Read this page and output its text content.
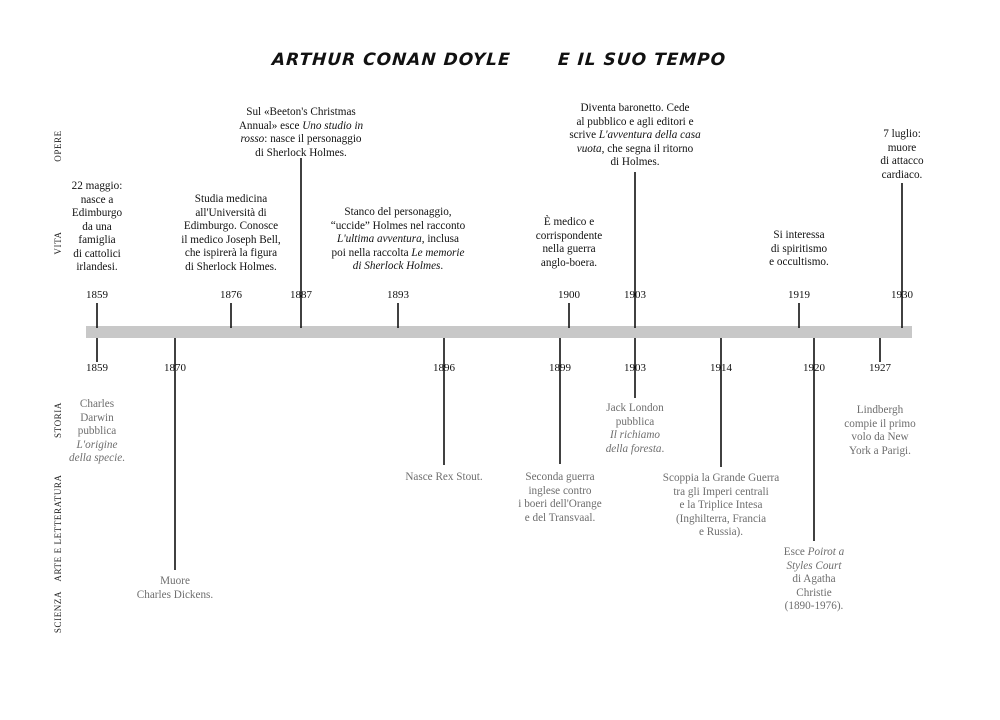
ARTHUR CONAN DOYLE	E IL SUO TEMPO
OPERE
VITA
STORIA
ARTE E LETTERATURA
SCIENZA
1859
22 maggio:
nasce a
Edimburgo
da una
famiglia
di cattolici
irlandesi.
1876
Studia medicina
all'Università di
Edimburgo. Conosce
il medico Joseph Bell,
che ispirerà la figura
di Sherlock Holmes.
1887
Sul «Beeton's Christmas
Annual» esce Uno studio in
rosso: nasce il personaggio
di Sherlock Holmes.
1893
Stanco del personaggio,
“uccide” Holmes nel racconto
L'ultima avventura, inclusa
poi nella raccolta Le memorie
di Sherlock Holmes.
1900
È medico e
corrispondente
nella guerra
anglo-boera.
1903
Diventa baronetto. Cede
al pubblico e agli editori e
scrive L'avventura della casa
vuota, che segna il ritorno
di Holmes.
1919
Si interessa
di spiritismo
e occultismo.
1930
7 luglio:
muore
di attacco
cardiaco.
1859
Charles
Darwin
pubblica
L'origine
della specie.
1870
Muore
Charles Dickens.
1896
Nasce Rex Stout.
1899
Seconda guerra
inglese contro
i boeri dell'Orange
e del Transvaal.
1903
Jack London
pubblica
Il richiamo
della foresta.
1914
Scoppia la Grande Guerra
tra gli Imperi centrali
e la Triplice Intesa
(Inghilterra, Francia
e Russia).
1920
Esce Poirot a
Styles Court
di Agatha
Christie
(1890-1976).
1927
Lindbergh
compie il primo
volo da New
York a Parigi.
